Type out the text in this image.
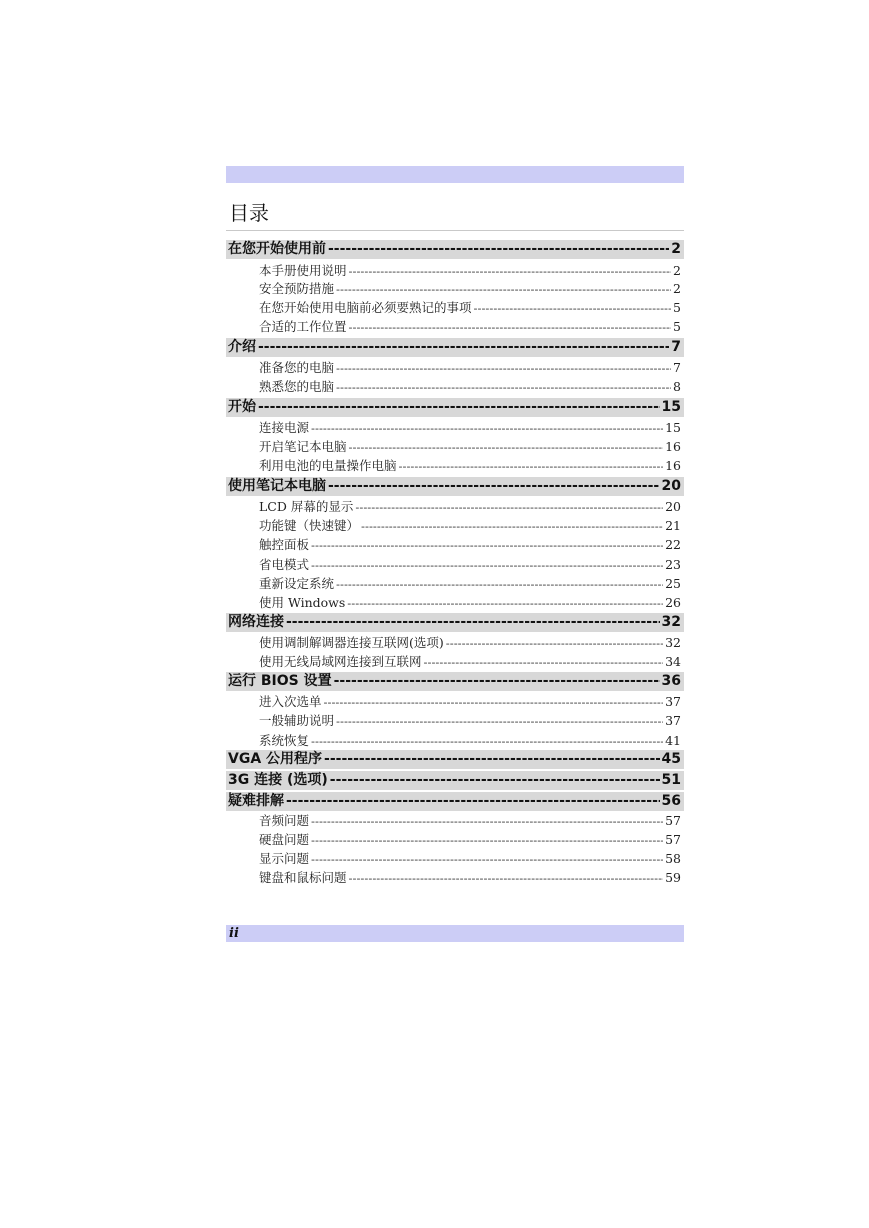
目录
在您开始使用前 -----	2
本手册使用说明 -----	2
安全预防措施 -----	2
在您开始使用电脑前必须要熟记的事项 -----	5
合适的工作位置 -----	5
介绍 -----	7
准备您的电脑 -----	7
熟悉您的电脑 -----	8
开始 -----	15
连接电源 -----	15
开启笔记本电脑 -----	16
利用电池的电量操作电脑 -----	16
使用笔记本电脑 -----	20
LCD 屏幕的显示 -----	20
功能键（快速键） -----	21
触控面板 -----	22
省电模式 -----	23
重新设定系统 -----	25
使用 Windows -----	26
网络连接 -----	32
使用调制解调器连接互联网(选项) -----	32
使用无线局域网连接到互联网 -----	34
运行 BIOS 设置 -----	36
进入次选单 -----	37
一般辅助说明 -----	37
系统恢复 -----	41
VGA 公用程序 -----	45
3G 连接 (选项) -----	51
疑难排解 -----	56
音频问题 -----	57
硬盘问题 -----	57
显示问题 -----	58
键盘和鼠标问题 -----	59
ii
